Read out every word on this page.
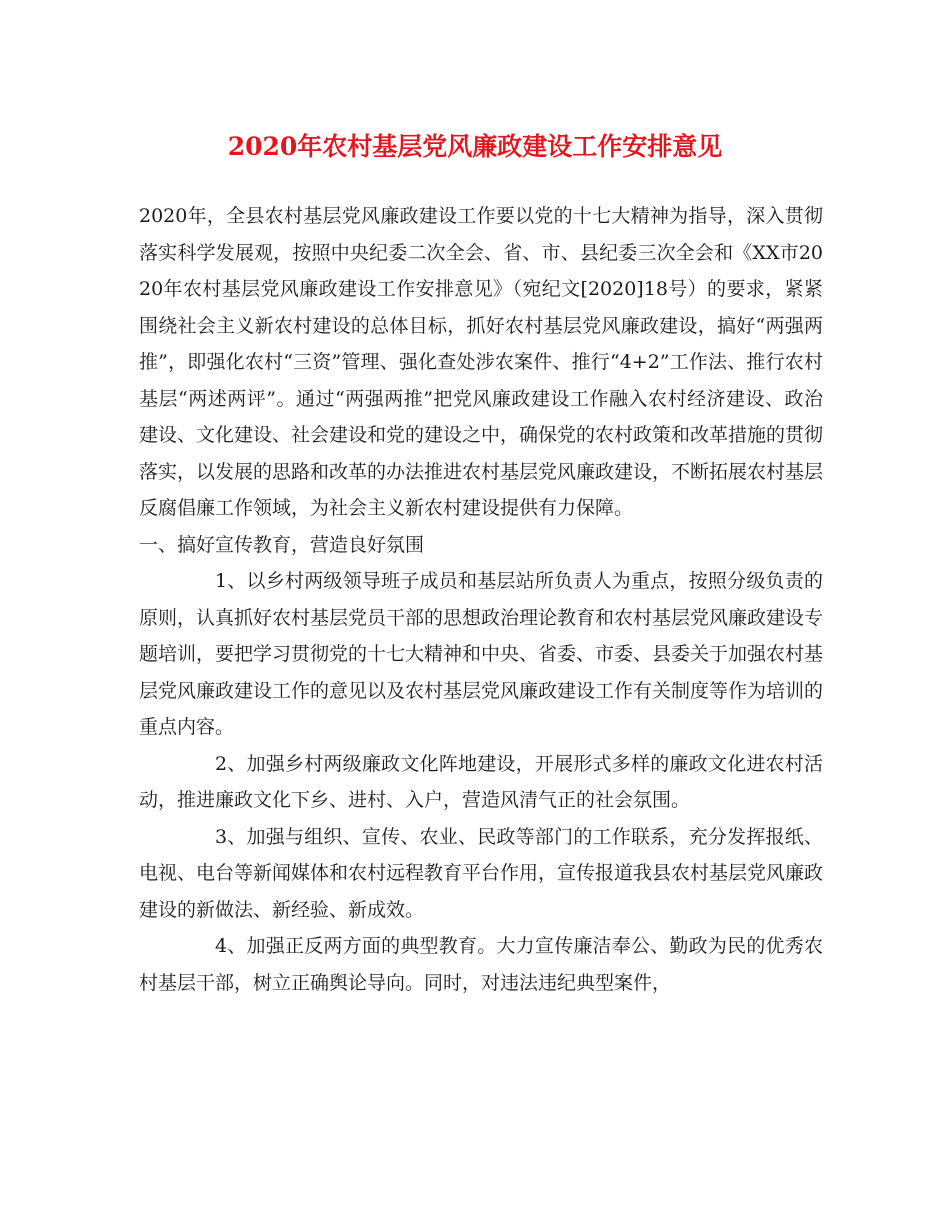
2020年农村基层党风廉政建设工作安排意见

2020年，全县农村基层党风廉政建设工作要以党的十七大精神为指导，深入贯彻落实科学发展观，按照中央纪委二次全会、省、市、县纪委三次全会和《XX市2020年农村基层党风廉政建设工作安排意见》（宛纪文[2020]18号）的要求，紧紧围绕社会主义新农村建设的总体目标，抓好农村基层党风廉政建设，搞好“两强两推”，即强化农村“三资”管理、强化查处涉农案件、推行“4+2”工作法、推行农村基层“两述两评”。通过“两强两推”把党风廉政建设工作融入农村经济建设、政治建设、文化建设、社会建设和党的建设之中，确保党的农村政策和改革措施的贯彻落实，以发展的思路和改革的办法推进农村基层党风廉政建设，不断拓展农村基层反腐倡廉工作领域，为社会主义新农村建设提供有力保障。

一、搞好宣传教育，营造良好氛围

1、以乡村两级领导班子成员和基层站所负责人为重点，按照分级负责的原则，认真抓好农村基层党员干部的思想政治理论教育和农村基层党风廉政建设专题培训，要把学习贯彻党的十七大精神和中央、省委、市委、县委关于加强农村基层党风廉政建设工作的意见以及农村基层党风廉政建设工作有关制度等作为培训的重点内容。

2、加强乡村两级廉政文化阵地建设，开展形式多样的廉政文化进农村活动，推进廉政文化下乡、进村、入户，营造风清气正的社会氛围。

3、加强与组织、宣传、农业、民政等部门的工作联系，充分发挥报纸、电视、电台等新闻媒体和农村远程教育平台作用，宣传报道我县农村基层党风廉政建设的新做法、新经验、新成效。

4、加强正反两方面的典型教育。大力宣传廉洁奉公、勤政为民的优秀农村基层干部，树立正确舆论导向。同时，对违法违纪典型案件，
